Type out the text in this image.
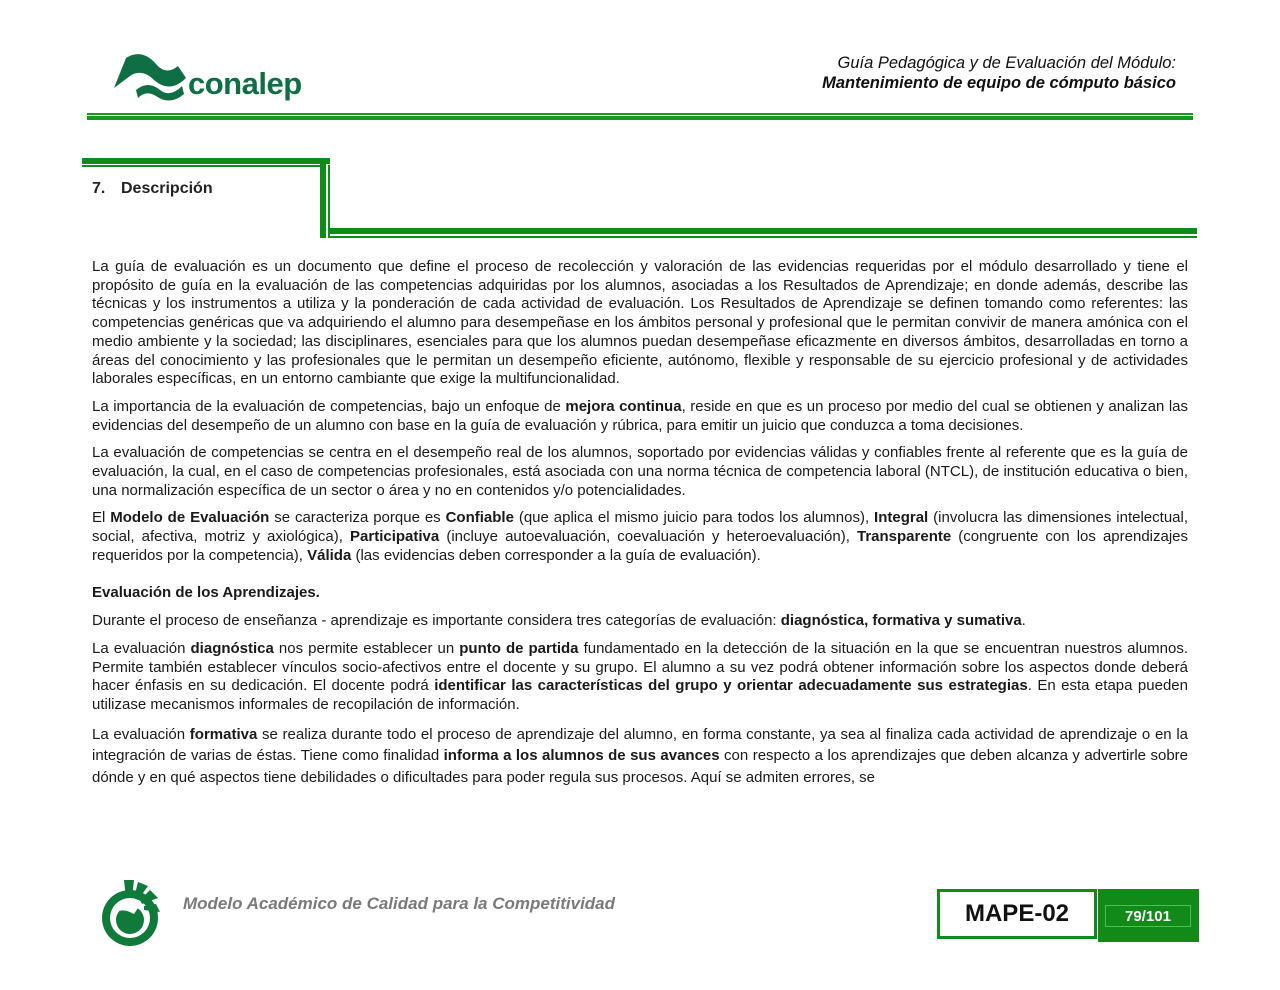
conalep
Guía Pedagógica y de Evaluación del Módulo:
Mantenimiento de equipo de cómputo básico
7. Descripción

La guía de evaluación es un documento que define el proceso de recolección y valoración de las evidencias requeridas por el módulo desarrollado y tiene el propósito de guía en la evaluación de las competencias adquiridas por los alumnos, asociadas a los Resultados de Aprendizaje; en donde además, describe las técnicas y los instrumentos a utiliza y la ponderación de cada actividad de evaluación. Los Resultados de Aprendizaje se definen tomando como referentes: las competencias genéricas que va adquiriendo el alumno para desempeñase en los ámbitos personal y profesional que le permitan convivir de manera amónica con el medio ambiente y la sociedad; las disciplinares, esenciales para que los alumnos puedan desempeñase eficazmente en diversos ámbitos, desarrolladas en torno a áreas del conocimiento y las profesionales que le permitan un desempeño eficiente, autónomo, flexible y responsable de su ejercicio profesional y de actividades laborales específicas, en un entorno cambiante que exige la multifuncionalidad.

La importancia de la evaluación de competencias, bajo un enfoque de mejora continua, reside en que es un proceso por medio del cual se obtienen y analizan las evidencias del desempeño de un alumno con base en la guía de evaluación y rúbrica, para emitir un juicio que conduzca a toma decisiones.

La evaluación de competencias se centra en el desempeño real de los alumnos, soportado por evidencias válidas y confiables frente al referente que es la guía de evaluación, la cual, en el caso de competencias profesionales, está asociada con una norma técnica de competencia laboral (NTCL), de institución educativa o bien, una normalización específica de un sector o área y no en contenidos y/o potencialidades.

El Modelo de Evaluación se caracteriza porque es Confiable (que aplica el mismo juicio para todos los alumnos), Integral (involucra las dimensiones intelectual, social, afectiva, motriz y axiológica), Participativa (incluye autoevaluación, coevaluación y heteroevaluación), Transparente (congruente con los aprendizajes requeridos por la competencia), Válida (las evidencias deben corresponder a la guía de evaluación).

Evaluación de los Aprendizajes.

Durante el proceso de enseñanza - aprendizaje es importante considera tres categorías de evaluación: diagnóstica, formativa y sumativa.

La evaluación diagnóstica nos permite establecer un punto de partida fundamentado en la detección de la situación en la que se encuentran nuestros alumnos. Permite también establecer vínculos socio-afectivos entre el docente y su grupo. El alumno a su vez podrá obtener información sobre los aspectos donde deberá hacer énfasis en su dedicación. El docente podrá identificar las características del grupo y orientar adecuadamente sus estrategias. En esta etapa pueden utilizase mecanismos informales de recopilación de información.

La evaluación formativa se realiza durante todo el proceso de aprendizaje del alumno, en forma constante, ya sea al finaliza cada actividad de aprendizaje o en la integración de varias de éstas. Tiene como finalidad informa a los alumnos de sus avances con respecto a los aprendizajes que deben alcanza y advertirle sobre dónde y en qué aspectos tiene debilidades o dificultades para poder regula sus procesos. Aquí se admiten errores, se

Modelo Académico de Calidad para la Competitividad	MAPE-02	79/101
